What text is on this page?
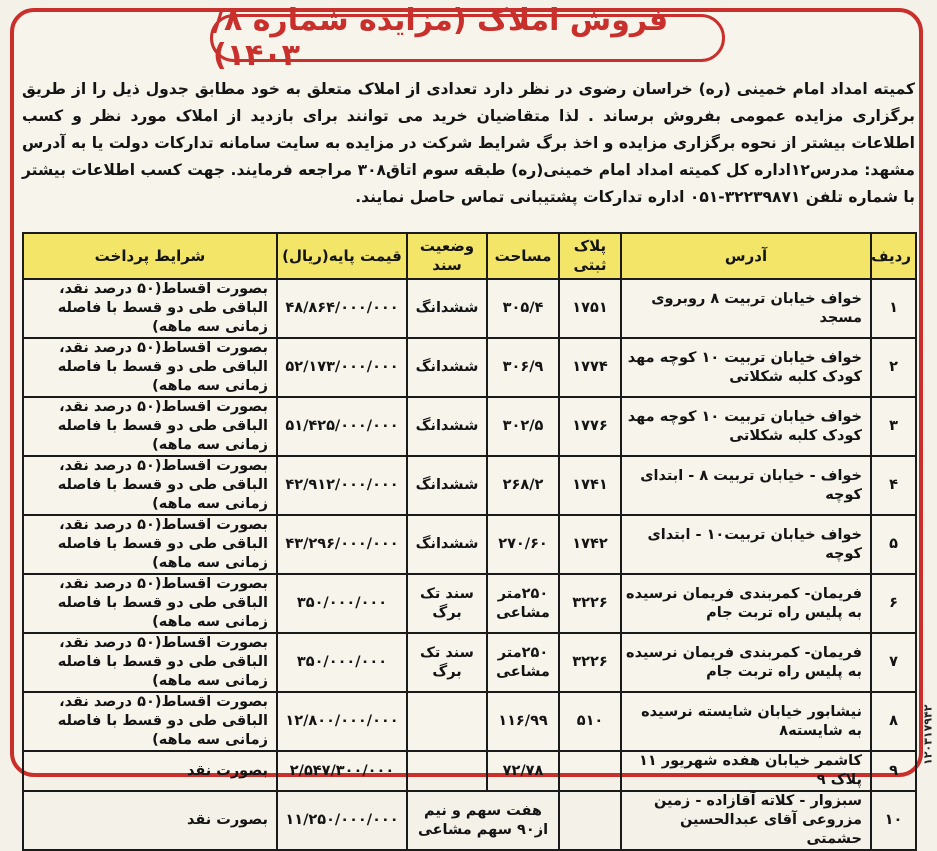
فروش املاک (مزایده شماره ۸/ ۱۴۰۳)
کمیته امداد امام خمینی (ره) خراسان رضوی در نظر دارد تعدادی از املاک متعلق به خود مطابق جدول ذیل را از طریق برگزاری مزایده عمومی بفروش برساند . لذا متقاضیان خرید می توانند برای بازدید از املاک مورد نظر و کسب اطلاعات بیشتر از نحوه برگزاری مزایده و اخذ برگ شرایط شرکت در مزایده به سایت سامانه تدارکات دولت یا به آدرس مشهد: مدرس۱۲اداره کل کمیته امداد امام خمینی(ره) طبقه سوم اتاق۳۰۸ مراجعه فرمایند. جهت کسب اطلاعات بیشتر با شماره تلفن ۳۲۲۳۹۸۷۱-۰۵۱ اداره تدارکات پشتیبانی تماس حاصل نمایند.
ردیف	آدرس	پلاک ثبتی	مساحت	وضعیت سند	قیمت پایه(ریال)	شرایط پرداخت
۱	خواف خیابان تربیت ۸ روبروی مسجد	۱۷۵۱	۳۰۵/۴	ششدانگ	۴۸/۸۶۴/۰۰۰/۰۰۰	بصورت اقساط(۵۰ درصد نقد، الباقی طی دو قسط با فاصله زمانی سه ماهه)
۲	خواف خیابان تربیت ۱۰ کوچه مهد کودک کلبه شکلاتی	۱۷۷۴	۳۰۶/۹	ششدانگ	۵۲/۱۷۳/۰۰۰/۰۰۰	بصورت اقساط(۵۰ درصد نقد، الباقی طی دو قسط با فاصله زمانی سه ماهه)
۳	خواف خیابان تربیت ۱۰ کوچه مهد کودک کلبه شکلاتی	۱۷۷۶	۳۰۲/۵	ششدانگ	۵۱/۴۲۵/۰۰۰/۰۰۰	بصورت اقساط(۵۰ درصد نقد، الباقی طی دو قسط با فاصله زمانی سه ماهه)
۴	خواف - خیابان تربیت ۸ - ابتدای کوچه	۱۷۴۱	۲۶۸/۲	ششدانگ	۴۲/۹۱۲/۰۰۰/۰۰۰	بصورت اقساط(۵۰ درصد نقد، الباقی طی دو قسط با فاصله زمانی سه ماهه)
۵	خواف خیابان تربیت۱۰ - ابتدای کوچه	۱۷۴۲	۲۷۰/۶۰	ششدانگ	۴۳/۲۹۶/۰۰۰/۰۰۰	بصورت اقساط(۵۰ درصد نقد، الباقی طی دو قسط با فاصله زمانی سه ماهه)
۶	فریمان- کمربندی فریمان نرسیده به پلیس راه تربت جام	۳۲۲۶	۲۵۰متر مشاعی	سند تک برگ	۳۵۰/۰۰۰/۰۰۰	بصورت اقساط(۵۰ درصد نقد، الباقی طی دو قسط با فاصله زمانی سه ماهه)
۷	فریمان- کمربندی فریمان نرسیده به پلیس راه تربت جام	۳۲۲۶	۲۵۰متر مشاعی	سند تک برگ	۳۵۰/۰۰۰/۰۰۰	بصورت اقساط(۵۰ درصد نقد، الباقی طی دو قسط با فاصله زمانی سه ماهه)
۸	نیشابور خیابان شایسته نرسیده به شایسته۸	۵۱۰	۱۱۶/۹۹		۱۲/۸۰۰/۰۰۰/۰۰۰	بصورت اقساط(۵۰ درصد نقد، الباقی طی دو قسط با فاصله زمانی سه ماهه)
۹	کاشمر خیابان هفده شهریور ۱۱ پلاک ۹		۷۲/۷۸		۲/۵۴۷/۳۰۰/۰۰۰	بصورت نقد
۱۰	سبزوار - کلاته آقازاده - زمین مزروعی آقای عبدالحسین حشمتی		هفت سهم و نیم از۹۰ سهم مشاعی		۱۱/۲۵۰/۰۰۰/۰۰۰	بصورت نقد
۱۲۰۳۱۷۹۴۲
